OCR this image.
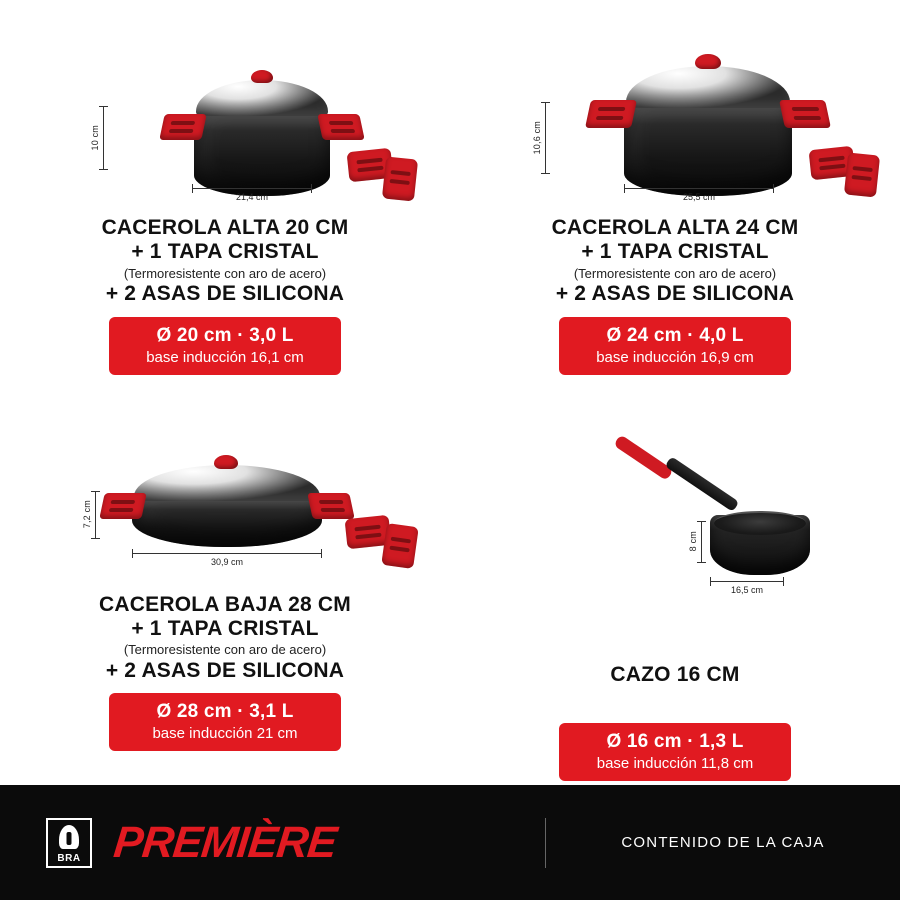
10 cm
21,4 cm
CACEROLA ALTA 20 CM
+ 1 TAPA CRISTAL
(Termoresistente con aro de acero)
+ 2 ASAS DE SILICONA
Ø 20 cm · 3,0 L
base inducción 16,1 cm
10,6 cm
25,5 cm
CACEROLA ALTA 24 CM
+ 1 TAPA CRISTAL
(Termoresistente con aro de acero)
+ 2 ASAS DE SILICONA
Ø 24 cm · 4,0 L
base inducción 16,9 cm
7,2 cm
30,9 cm
CACEROLA BAJA 28 CM
+ 1 TAPA CRISTAL
(Termoresistente con aro de acero)
+ 2 ASAS DE SILICONA
Ø 28 cm · 3,1 L
base inducción 21 cm
8 cm
16,5 cm
CAZO 16 CM
Ø 16 cm · 1,3 L
base inducción 11,8 cm
BRA PREMIÈRE	CONTENIDO DE LA CAJA
